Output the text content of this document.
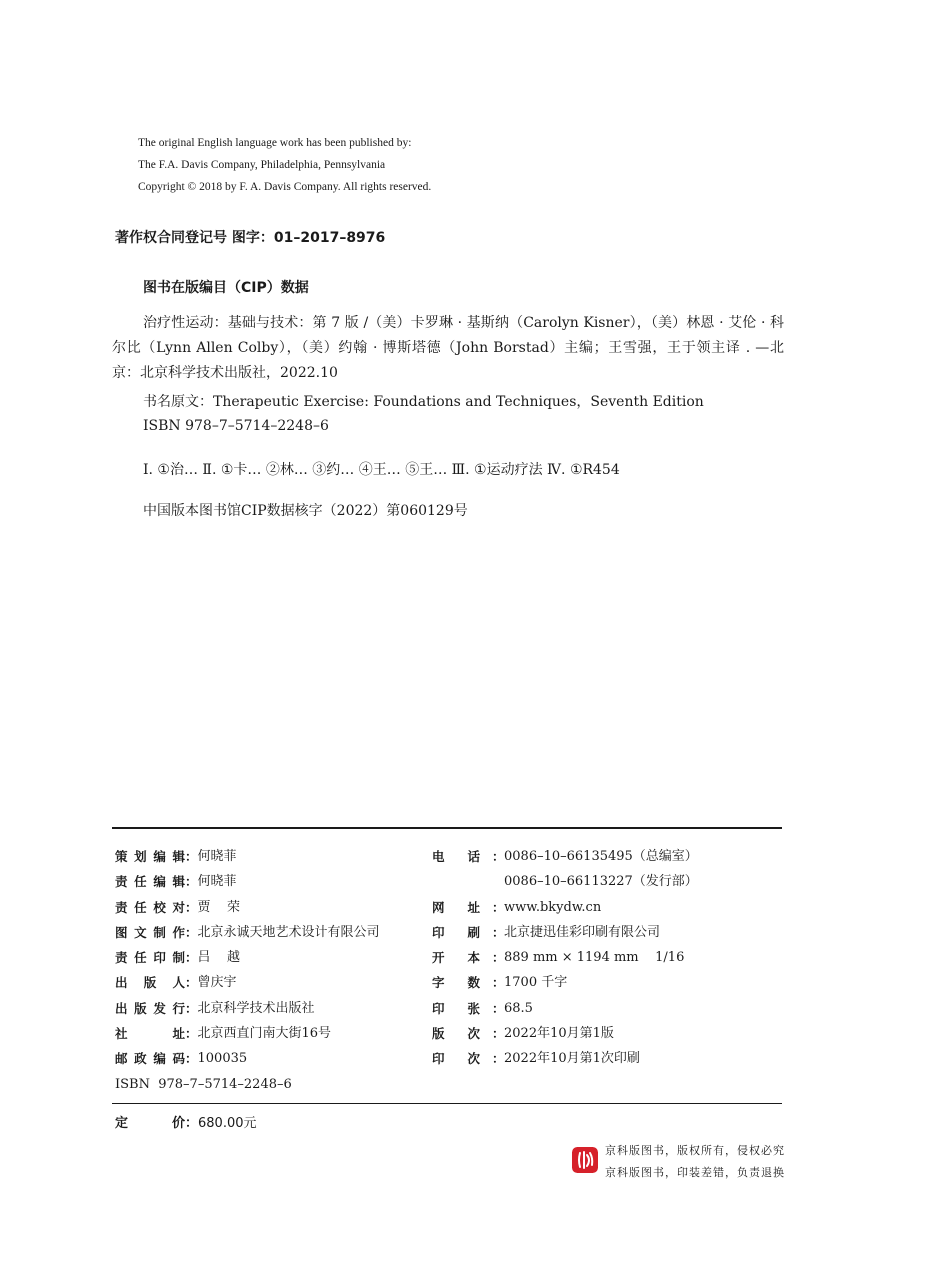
The original English language work has been published by:
The F.A. Davis Company, Philadelphia, Pennsylvania
Copyright © 2018 by F. A. Davis Company. All rights reserved.
著作权合同登记号 图字：01–2017–8976
图书在版编目（CIP）数据
治疗性运动：基础与技术：第 7 版 /（美）卡罗琳 · 基斯纳（Carolyn Kisner），（美）林恩 · 艾伦 · 科尔比（Lynn Allen Colby），（美）约翰 · 博斯塔德（John Borstad）主编；王雪强，王于领主译 . —北京：北京科学技术出版社，2022.10
书名原文：Therapeutic Exercise: Foundations and Techniques，Seventh Edition
ISBN 978–7–5714–2248–6
Ⅰ. ①治… Ⅱ. ①卡… ②林… ③约… ④王… ⑤王… Ⅲ. ①运动疗法 Ⅳ. ①R454
中国版本图书馆CIP数据核字（2022）第060129号
策划编辑 ： 何晓菲
责任编辑 ： 何晓菲
责任校对 ： 贾    荣
图文制作 ： 北京永诚天地艺术设计有限公司
责任印制 ： 吕    越
出版人 ： 曾庆宇
出版发行 ： 北京科学技术出版社
社址 ： 北京西直门南大街16号
邮政编码 ： 100035
ISBN  978–7–5714–2248–6
电 话 ： 0086–10–66135495（总编室）
0086–10–66113227（发行部）
网 址 ： www.bkydw.cn
印 刷 ： 北京捷迅佳彩印刷有限公司
开 本 ： 889 mm × 1194 mm    1/16
字 数 ： 1700 千字
印 张 ： 68.5
版 次 ： 2022年10月第1版
印 次 ： 2022年10月第1次印刷
定价：680.00元
京科版图书，版权所有，侵权必究
京科版图书，印装差错，负责退换
